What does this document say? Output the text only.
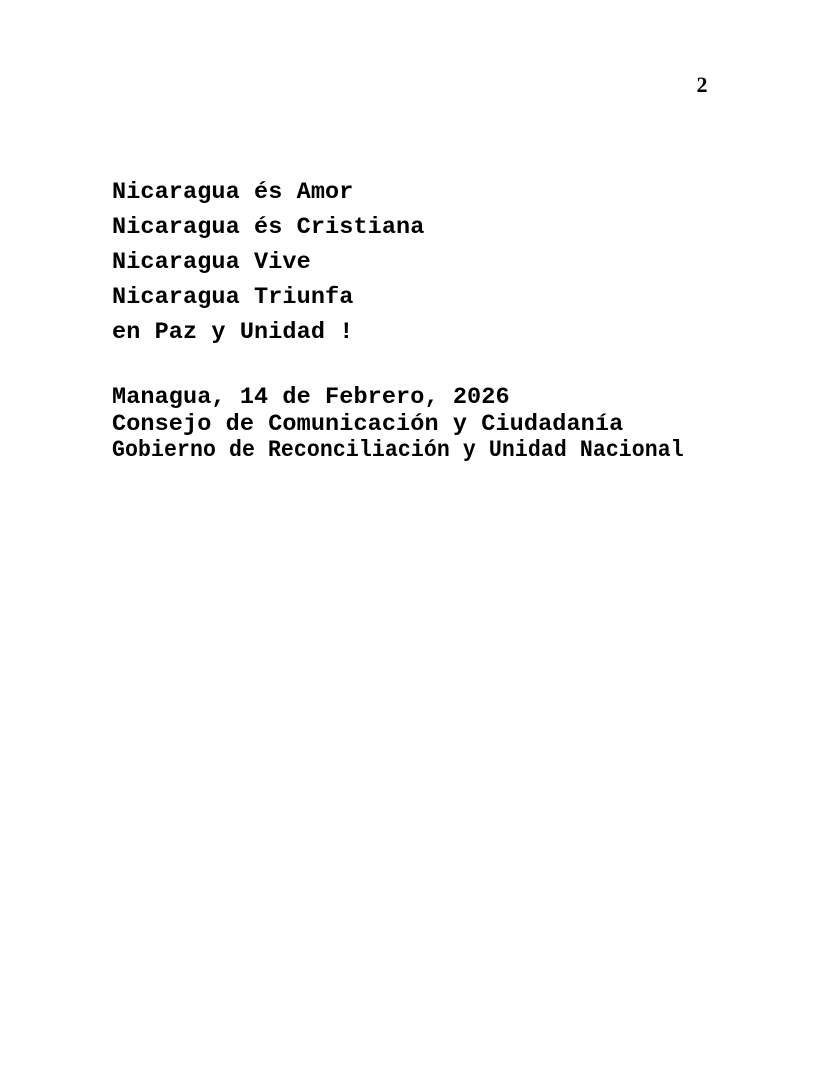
2
Nicaragua és Amor
Nicaragua és Cristiana
Nicaragua Vive
Nicaragua Triunfa
en Paz y Unidad !
Managua, 14 de Febrero, 2026
Consejo de Comunicación y Ciudadanía
Gobierno de Reconciliación y Unidad Nacional
